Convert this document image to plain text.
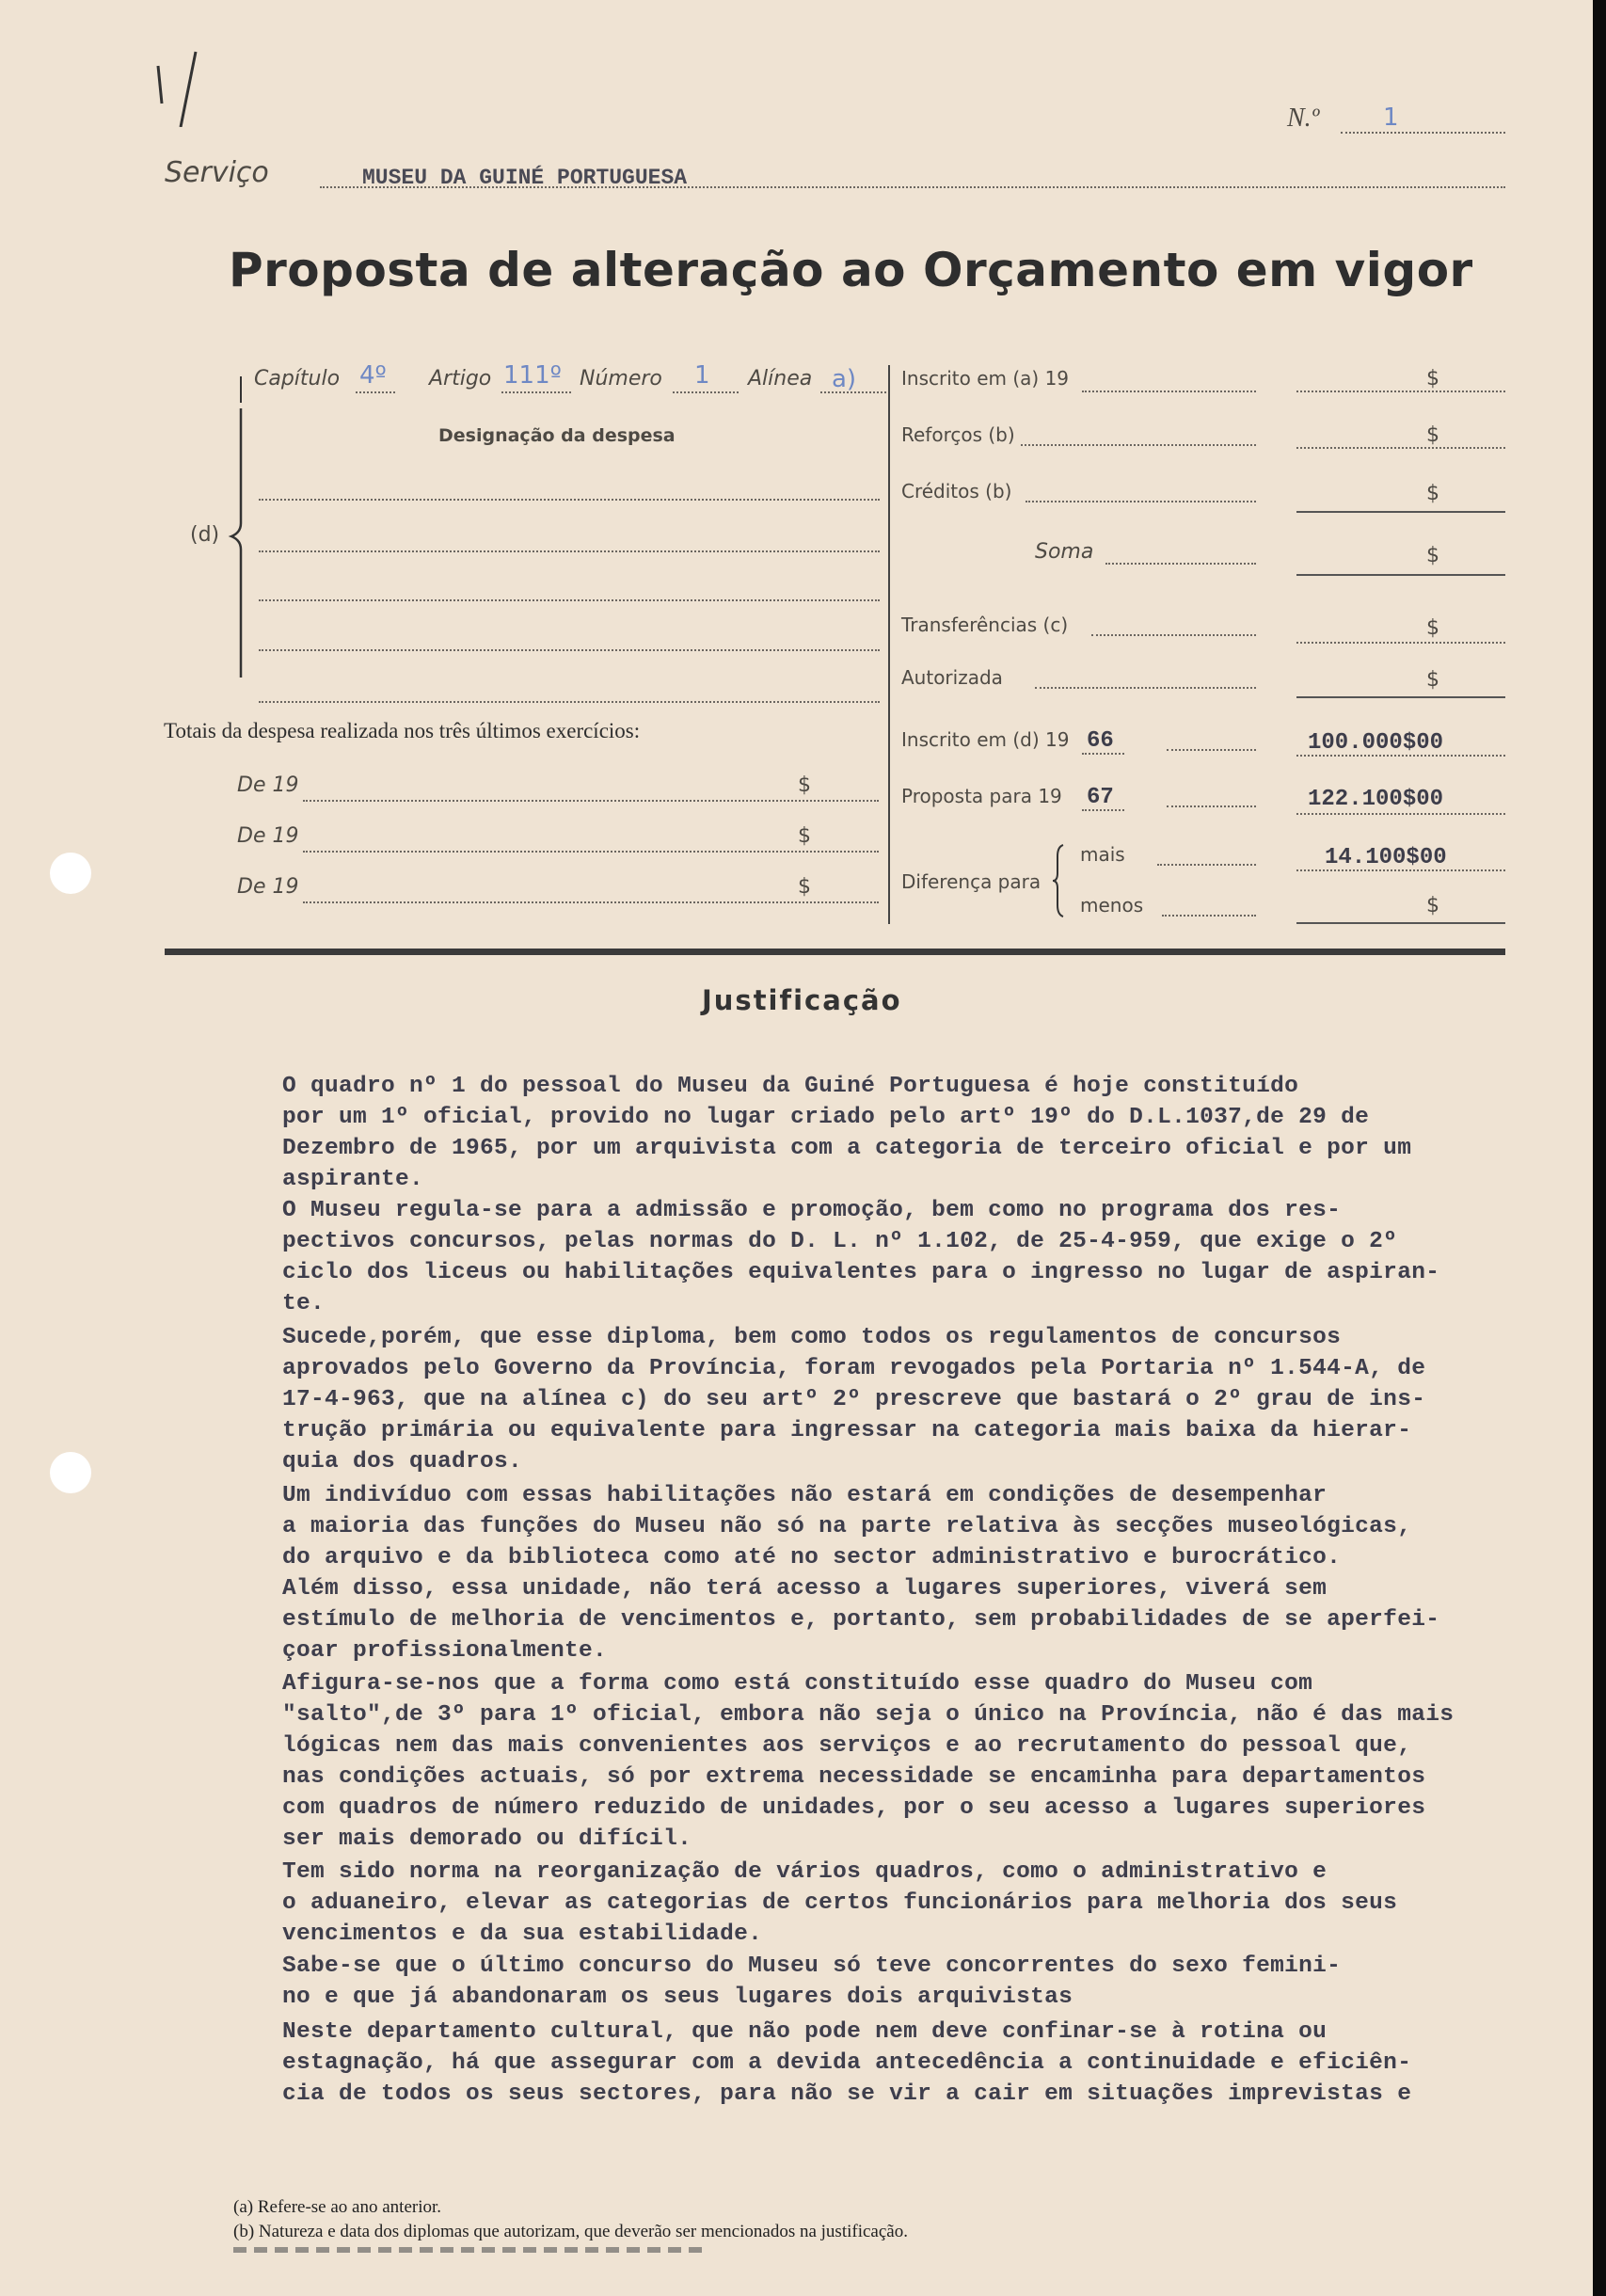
N.º	1
Serviço	MUSEU DA GUINÉ PORTUGUESA
Proposta de alteração ao Orçamento em vigor
Capítulo 4º Artigo 111º Número 1 Alínea a)
(d)
Designação da despesa
Totais da despesa realizada nos três últimos exercícios:
De 19	$
De 19	$
De 19	$
Inscrito em (a) 19	$
Reforços (b)	$
Créditos (b)	$
Soma	$
Transferências (c)	$
Autorizada	$
Inscrito em (d) 19 66	100.000$00
Proposta para 19 67	122.100$00
Diferença para
mais	14.100$00
menos	$
Justificação
O quadro nº 1 do pessoal do Museu da Guiné Portuguesa é hoje constituído
por um 1º oficial, provido no lugar criado pelo artº 19º do D.L.1037,de 29 de
Dezembro de 1965, por um arquivista com a categoria de terceiro oficial e por um
aspirante.
O Museu regula-se para a admissão e promoção, bem como no programa dos res-
pectivos concursos, pelas normas do D. L. nº 1.102, de 25-4-959, que exige o 2º
ciclo dos liceus ou habilitações equivalentes para o ingresso no lugar de aspiran-
te.
Sucede,porém, que esse diploma, bem como todos os regulamentos de concursos
aprovados pelo Governo da Província, foram revogados pela Portaria nº 1.544-A, de
17-4-963, que na alínea c) do seu artº 2º prescreve que bastará o 2º grau de ins-
trução primária ou equivalente para ingressar na categoria mais baixa da hierar-
quia dos quadros.
Um indivíduo com essas habilitações não estará em condições de desempenhar
a maioria das funções do Museu não só na parte relativa às secções museológicas,
do arquivo e da biblioteca como até no sector administrativo e burocrático.
Além disso, essa unidade, não terá acesso a lugares superiores, viverá sem
estímulo de melhoria de vencimentos e, portanto, sem probabilidades de se aperfei-
çoar profissionalmente.
Afigura-se-nos que a forma como está constituído esse quadro do Museu com
"salto",de 3º para 1º oficial, embora não seja o único na Província, não é das mais
lógicas nem das mais convenientes aos serviços e ao recrutamento do pessoal que,
nas condições actuais, só por extrema necessidade se encaminha para departamentos
com quadros de número reduzido de unidades, por o seu acesso a lugares superiores
ser mais demorado ou difícil.
Tem sido norma na reorganização de vários quadros, como o administrativo e
o aduaneiro, elevar as categorias de certos funcionários para melhoria dos seus
vencimentos e da sua estabilidade.
Sabe-se que o último concurso do Museu só teve concorrentes do sexo femini-
no e que já abandonaram os seus lugares dois arquivistas
Neste departamento cultural, que não pode nem deve confinar-se à rotina ou
estagnação, há que assegurar com a devida antecedência a continuidade e eficiên-
cia de todos os seus sectores, para não se vir a cair em situações imprevistas e
(a) Refere-se ao ano anterior.
(b) Natureza e data dos diplomas que autorizam, que deverão ser mencionados na justificação.
